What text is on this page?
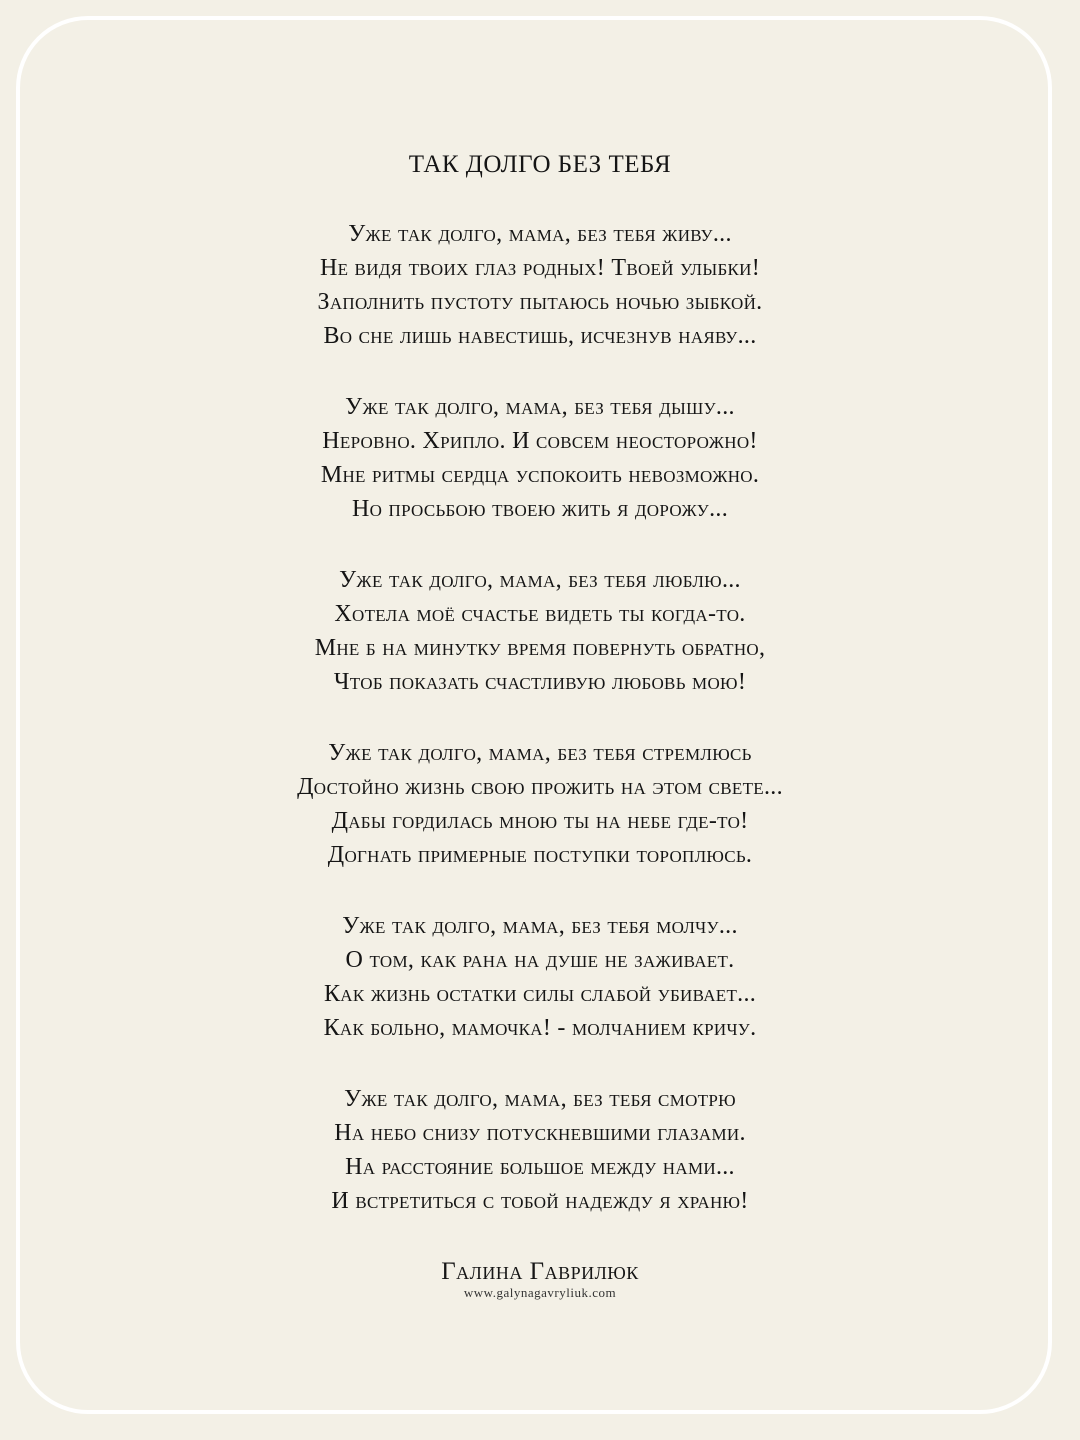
ТАК ДОЛГО БЕЗ ТЕБЯ
Уже так долго, мама, без тебя живу...
Не видя твоих глаз родных! Твоей улыбки!
Заполнить пустоту пытаюсь ночью зыбкой.
Во сне лишь навестишь, исчезнув наяву...
Уже так долго, мама, без тебя дышу...
Неровно. Хрипло. И совсем неосторожно!
Мне ритмы сердца успокоить невозможно.
Но просьбою твоею жить я дорожу...
Уже так долго, мама, без тебя люблю...
Хотела моё счастье видеть ты когда-то.
Мне б на минутку время повернуть обратно,
Чтоб показать счастливую любовь мою!
Уже так долго, мама, без тебя стремлюсь
Достойно жизнь свою прожить на этом свете...
Дабы гордилась мною ты на небе где-то!
Догнать примерные поступки тороплюсь.
Уже так долго, мама, без тебя молчу...
О том, как рана на душе не заживает.
Как жизнь остатки силы слабой убивает...
Как больно, мамочка! - молчанием кричу.
Уже так долго, мама, без тебя смотрю
На небо снизу потускневшими глазами.
На расстояние большое между нами...
И встретиться с тобой надежду я храню!
Галина Гаврилюк
www.galynagavryliuk.com
